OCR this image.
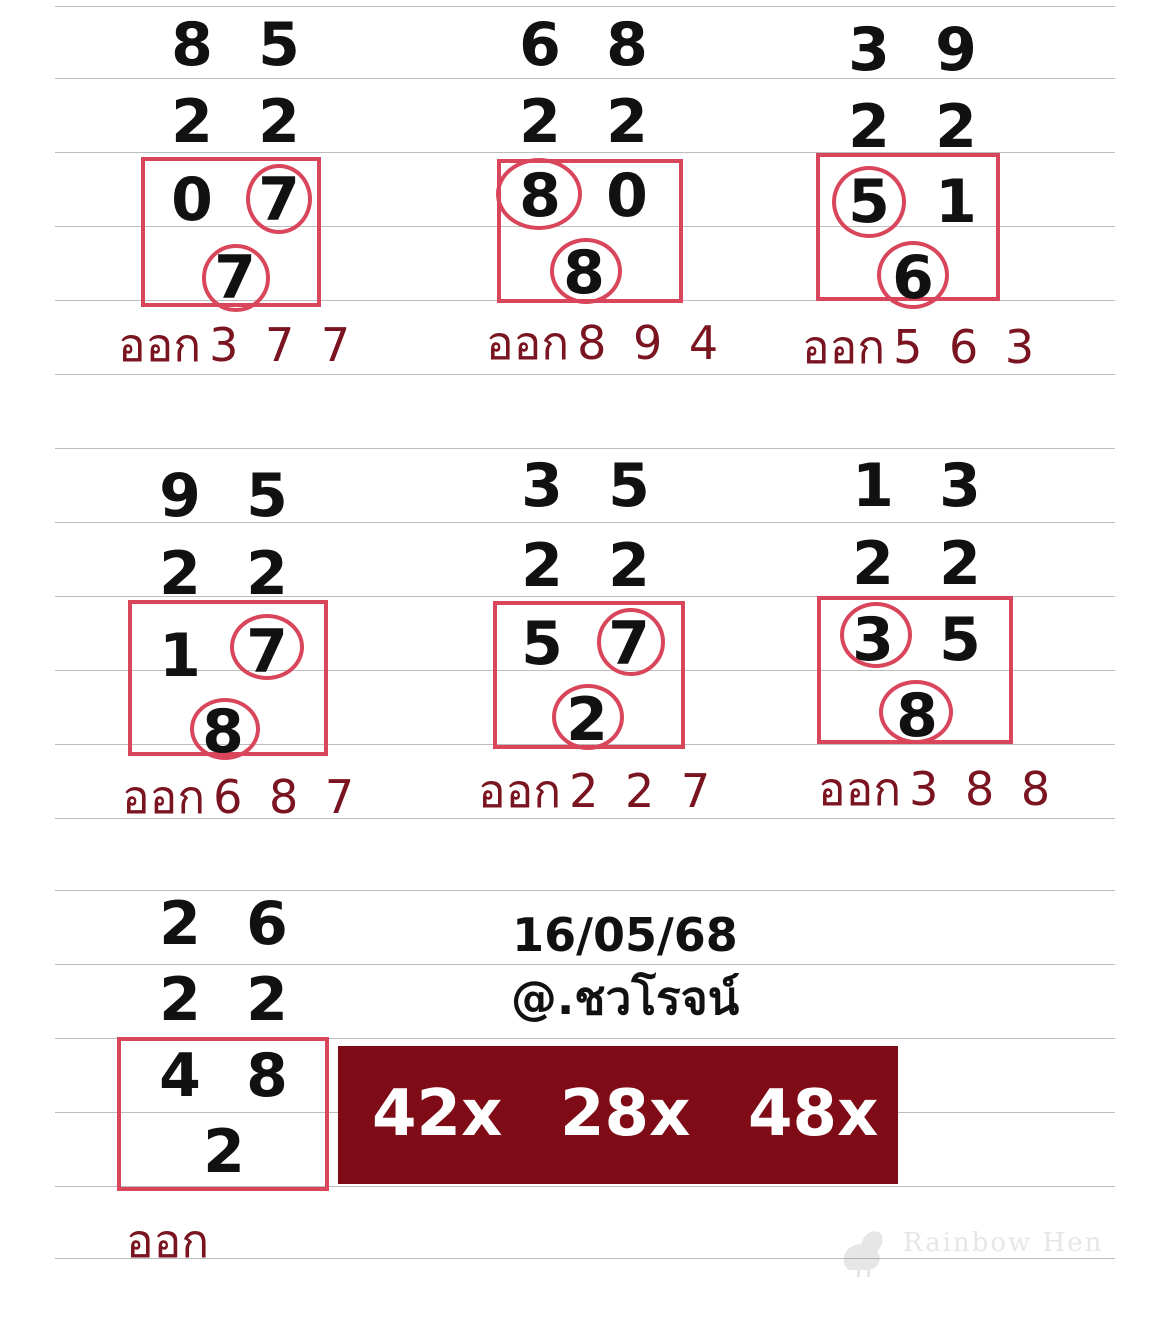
8 5
2 2
0 7
7
ออก 3 7 7
6 8
2 2
8 0
8
ออก 8 9 4
3 9
2 2
5 1
6
ออก 5 6 3
9 5
2 2
1 7
8
ออก 6 8 7
3 5
2 2
5 7
2
ออก 2 2 7
1 3
2 2
3 5
8
ออก 3 8 8
2 6
2 2
4 8
2
ออก
16/05/68
@.ชวโรจน์
42x 28x 48x
Rainbow Hen
